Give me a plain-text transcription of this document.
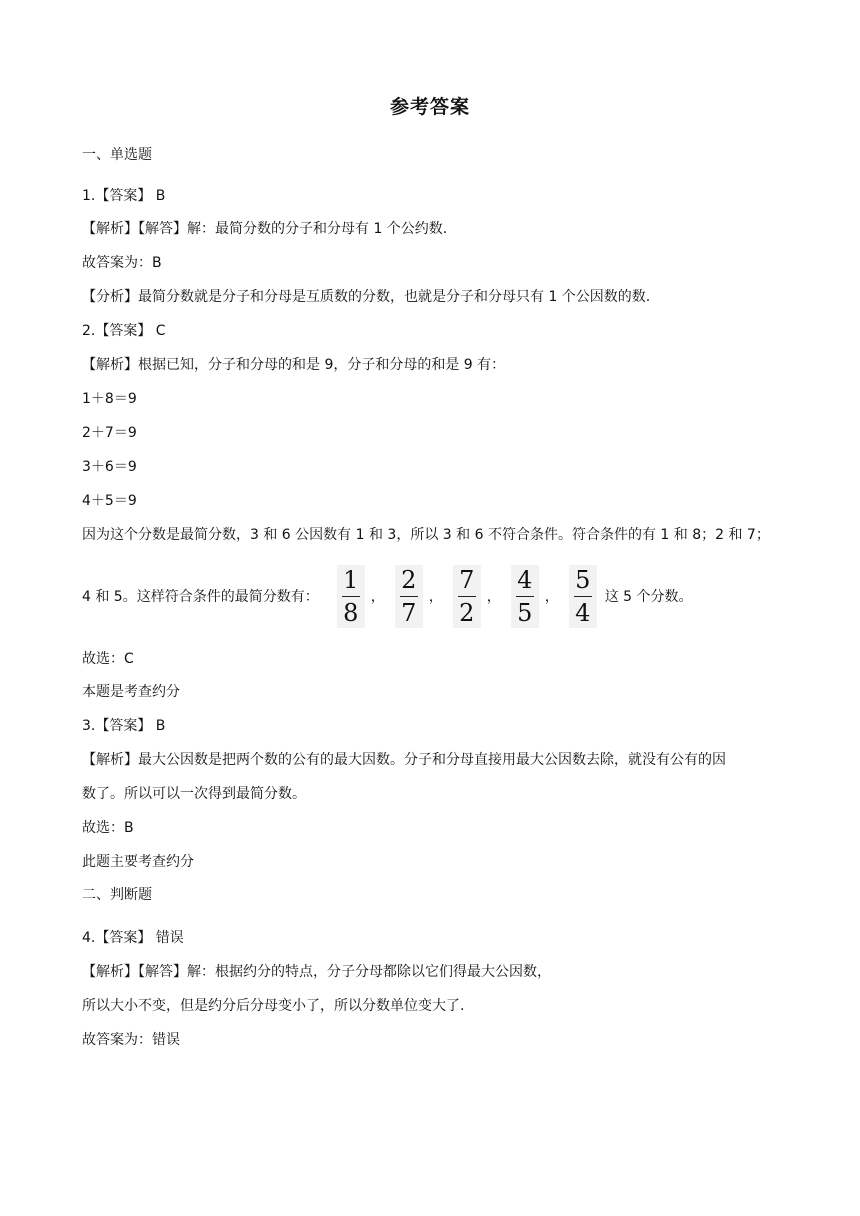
参考答案
一、单选题
1.【答案】 B
【解析】【解答】解：最简分数的分子和分母有 1 个公约数.
故答案为：B
【分析】最简分数就是分子和分母是互质数的分数，也就是分子和分母只有 1 个公因数的数.
2.【答案】 C
【解析】根据已知，分子和分母的和是 9，分子和分母的和是 9 有：
1＋8＝9
2＋7＝9
3＋6＝9
4＋5＝9
因为这个分数是最简分数，3 和 6 公因数有 1 和 3，所以 3 和 6 不符合条件。符合条件的有 1 和 8；2 和 7；
4 和 5。这样符合条件的最简分数有： $\frac{1}{8}$ ， $\frac{2}{7}$ ， $\frac{7}{2}$ ， $\frac{4}{5}$ ， $\frac{5}{4}$ 这 5 个分数。
故选：C
本题是考查约分
3.【答案】 B
【解析】最大公因数是把两个数的公有的最大因数。分子和分母直接用最大公因数去除，就没有公有的因
数了。所以可以一次得到最简分数。
故选：B
此题主要考查约分
二、判断题
4.【答案】 错误
【解析】【解答】解：根据约分的特点，分子分母都除以它们得最大公因数，
所以大小不变，但是约分后分母变小了，所以分数单位变大了.
故答案为：错误
